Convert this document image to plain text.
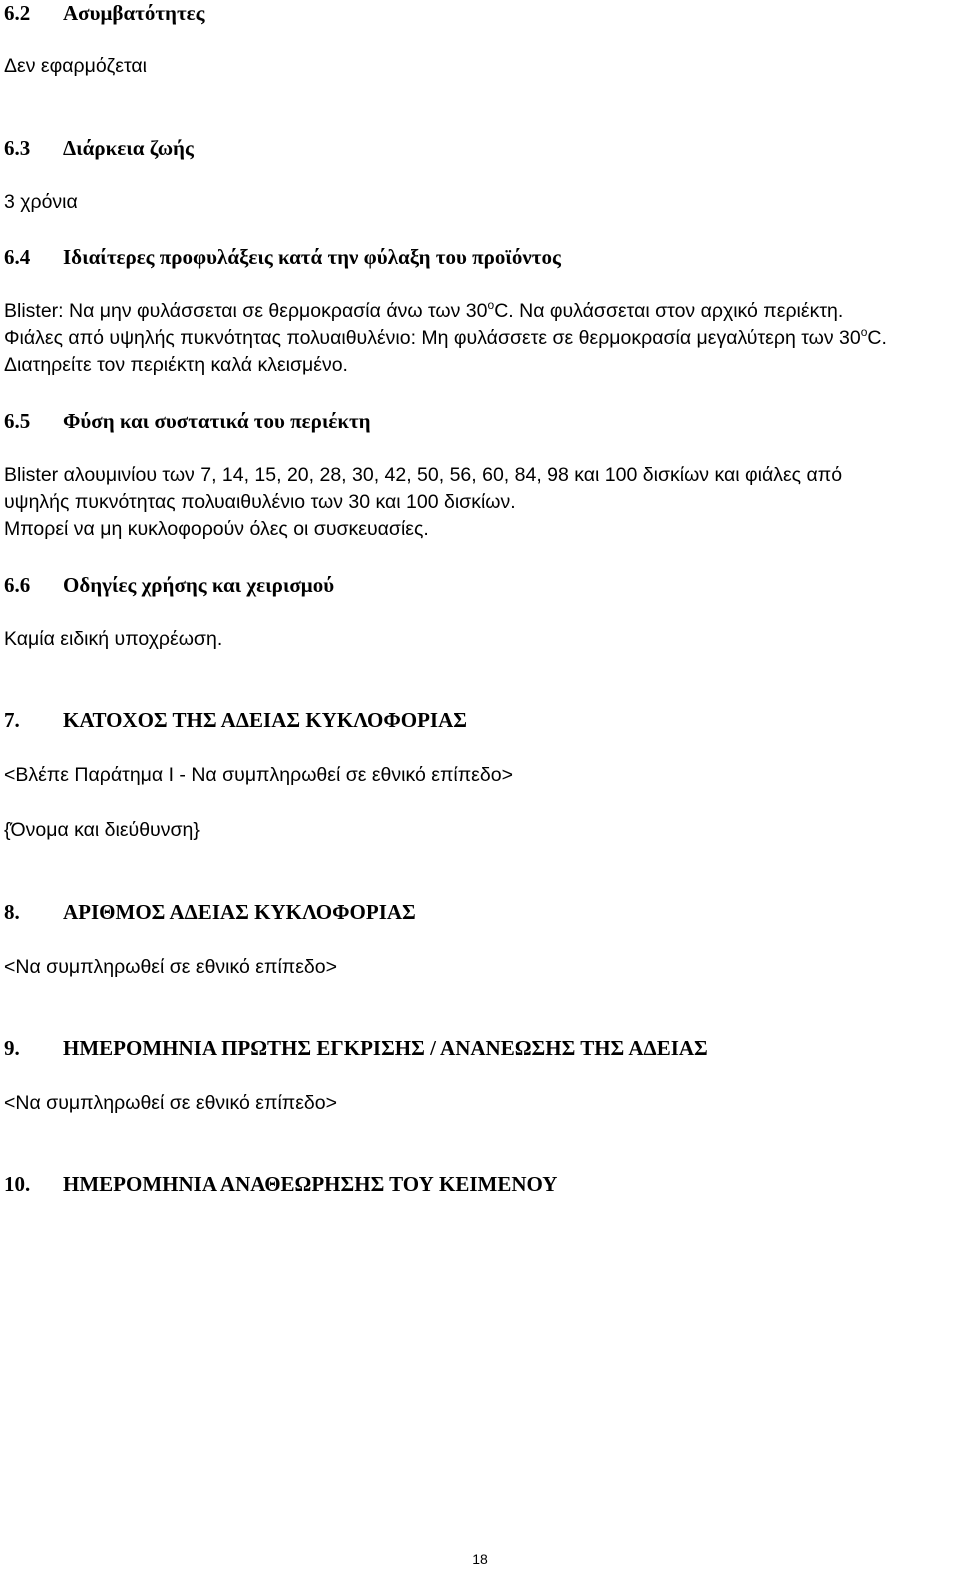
6.2 Ασυμβατότητες
Δεν εφαρμόζεται
6.3 Διάρκεια ζωής
3 χρόνια
6.4 Ιδιαίτερες προφυλάξεις κατά την φύλαξη του προϊόντος
Blister: Να μην φυλάσσεται σε θερμοκρασία άνω των $30^oC$. Να φυλάσσεται στον αρχικό περιέκτη.
Φιάλες από υψηλής πυκνότητας πολυαιθυλένιο: Μη φυλάσσετε σε θερμοκρασία μεγαλύτερη των $30^oC$.
Διατηρείτε τον περιέκτη καλά κλεισμένο.
6.5 Φύση και συστατικά του περιέκτη
Blister αλουμινίου των 7, 14, 15, 20, 28, 30, 42, 50, 56, 60, 84, 98 και 100 δισκίων και φιάλες από
υψηλής πυκνότητας πολυαιθυλένιο των 30 και 100 δισκίων.
Μπορεί να μη κυκλοφορούν όλες οι συσκευασίες.
6.6 Οδηγίες χρήσης και χειρισμού
Καμία ειδική υποχρέωση.
7. ΚΑΤΟΧΟΣ ΤΗΣ ΑΔΕΙΑΣ ΚΥΚΛΟΦΟΡΙΑΣ
<Βλέπε Παράτημα I - Να συμπληρωθεί σε εθνικό επίπεδο>
{Όνομα και διεύθυνση}
8. ΑΡΙΘΜΟΣ ΑΔΕΙΑΣ ΚΥΚΛΟΦΟΡΙΑΣ
<Να συμπληρωθεί σε εθνικό επίπεδο>
9. ΗΜΕΡΟΜΗΝΙΑ ΠΡΩΤΗΣ ΕΓΚΡΙΣΗΣ / ΑΝΑΝΕΩΣΗΣ ΤΗΣ ΑΔΕΙΑΣ
<Να συμπληρωθεί σε εθνικό επίπεδο>
10. ΗΜΕΡΟΜΗΝΙΑ ΑΝΑΘΕΩΡΗΣΗΣ ΤΟΥ ΚΕΙΜΕΝΟΥ
18
